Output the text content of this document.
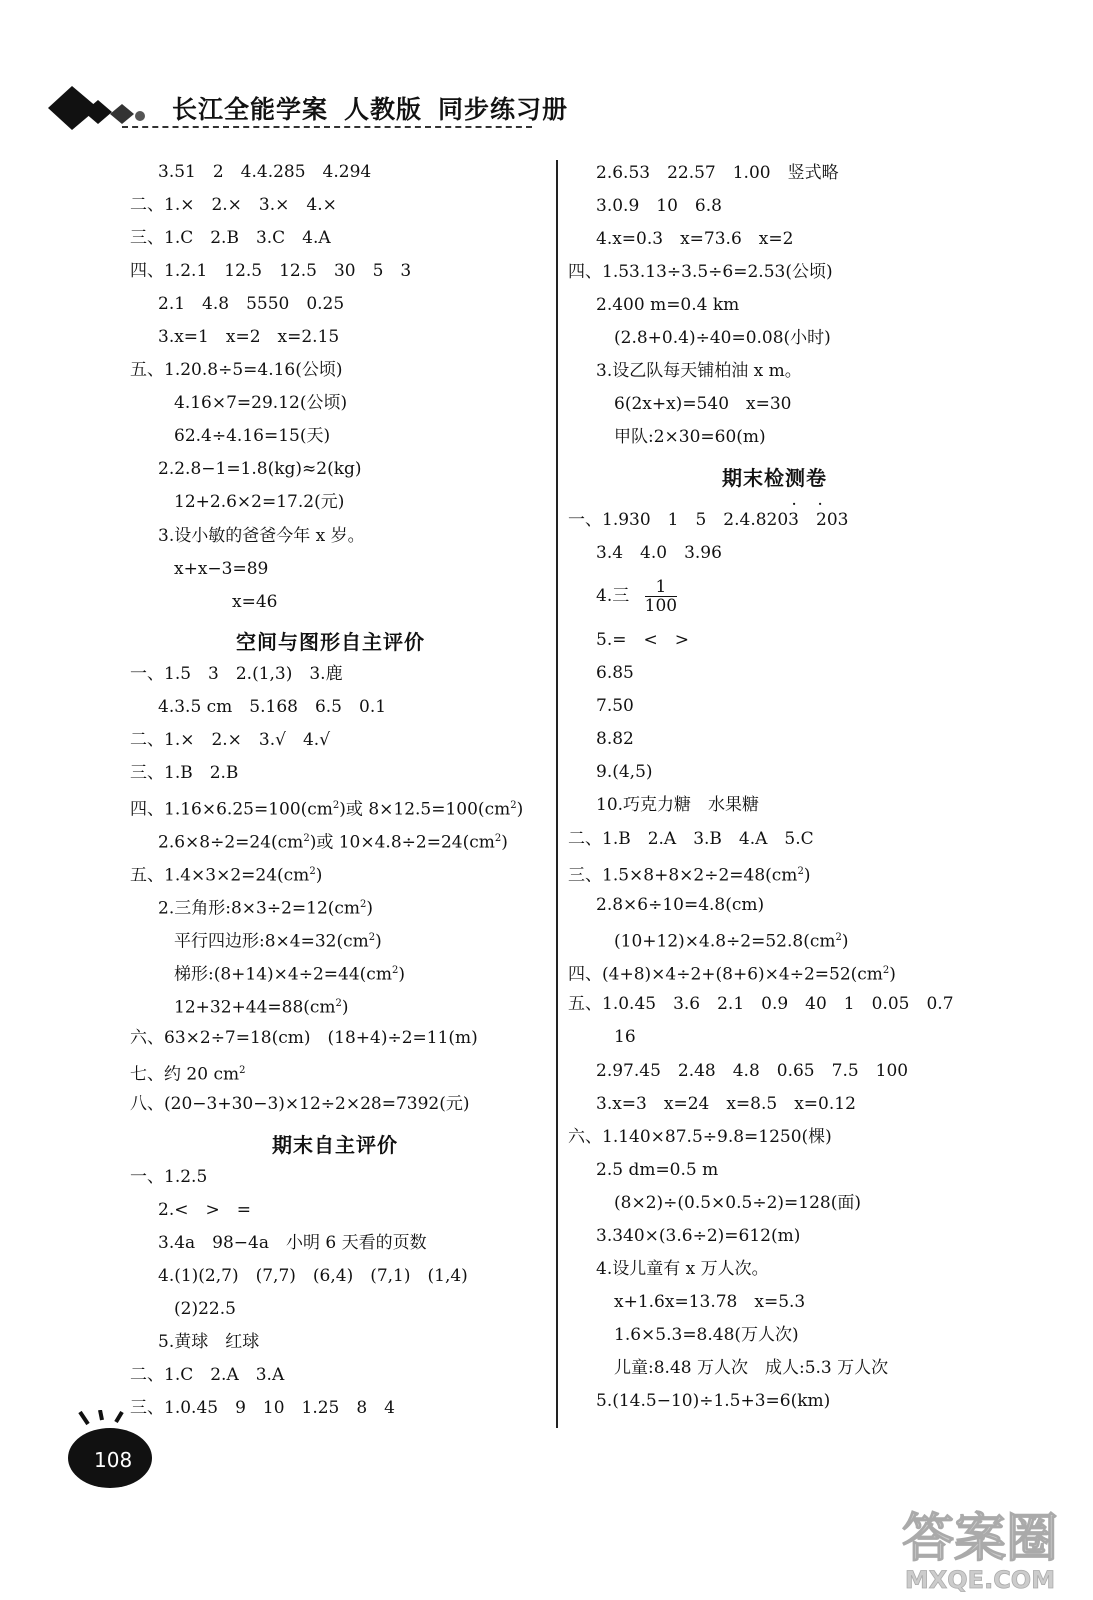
长江全能学案 人教版 同步练习册
3.51　2　4.4.285　4.294
二、1.×　2.×　3.×　4.×
三、1.C　2.B　3.C　4.A
四、1.2.1　12.5　12.5　30　5　3
2.1　4.8　5550　0.25
3.x=1　x=2　x=2.15
五、1.20.8÷5=4.16(公顷)
4.16×7=29.12(公顷)
62.4÷4.16=15(天)
2.2.8−1=1.8(kg)≈2(kg)
12+2.6×2=17.2(元)
3.设小敏的爸爸今年 x 岁。
x+x−3=89
x=46
空间与图形自主评价
一、1.5　3　2.(1,3)　3.鹿
4.3.5 cm　5.168　6.5　0.1
二、1.×　2.×　3.√　4.√
三、1.B　2.B
四、$1.16\times 6.25=100(cm^2)$或 $8\times 12.5=100(cm^2)$
$2.6\times 8\div 2=24(cm^2)$或 $10\times 4.8\div 2=24(cm^2)$
五、$1.4\times 3\times 2=24(cm^2)$
2.三角形$:8\times 3\div 2=12(cm^2)$
平行四边形$:8\times 4=32(cm^2)$
梯形$:(8+14)\times 4\div 2=44(cm^2)$
$12+32+44=88(cm^2)$
六、63×2÷7=18(cm)　(18+4)÷2=11(m)
七、约 20 $cm^2$
八、(20−3+30−3)×12÷2×28=7392(元)
期末自主评价
一、1.2.5
2.<　>　=
3.4a　98−4a　小明 6 天看的页数
4.(1)(2,7)　(7,7)　(6,4)　(7,1)　(1,4)
(2)22.5
5.黄球　红球
二、1.C　2.A　3.A
三、1.0.45　9　10　1.25　8　4
2.6.53　22.57　1.00　竖式略
3.0.9　10　6.8
4.x=0.3　x=73.6　x=2
四、1.53.13÷3.5÷6=2.53(公顷)
2.400 m=0.4 km
(2.8+0.4)÷40=0.08(小时)
3.设乙队每天铺柏油 x m。
6(2x+x)=540　x=30
甲队:2×30=60(m)
期末检测卷
· ·
一、1.930　1　5　2.4.8203　203
3.4　4.0　3.96
4.三 $\frac{1}{100}$
5.=　<　>
6.85
7.50
8.82
9.(4,5)
10.巧克力糖　水果糖
二、1.B　2.A　3.B　4.A　5.C
三、$1.5\times 8+8\times 2\div 2=48(cm^2)$
2.8×6÷10=4.8(cm)
$(10+12)\times 4.8\div 2=52.8(cm^2)$
四、$(4+8)\times 4\div 2+(8+6)\times 4\div 2=52(cm^2)$
五、1.0.45　3.6　2.1　0.9　40　1　0.05　0.7
16
2.97.45　2.48　4.8　0.65　7.5　100
3.x=3　x=24　x=8.5　x=0.12
六、1.140×87.5÷9.8=1250(棵)
2.5 dm=0.5 m
(8×2)÷(0.5×0.5÷2)=128(面)
3.340×(3.6÷2)=612(m)
4.设儿童有 x 万人次。
x+1.6x=13.78　x=5.3
1.6×5.3=8.48(万人次)
儿童:8.48 万人次　成人:5.3 万人次
5.(14.5−10)÷1.5+3=6(km)
108
答案圈
MXQE.COM
